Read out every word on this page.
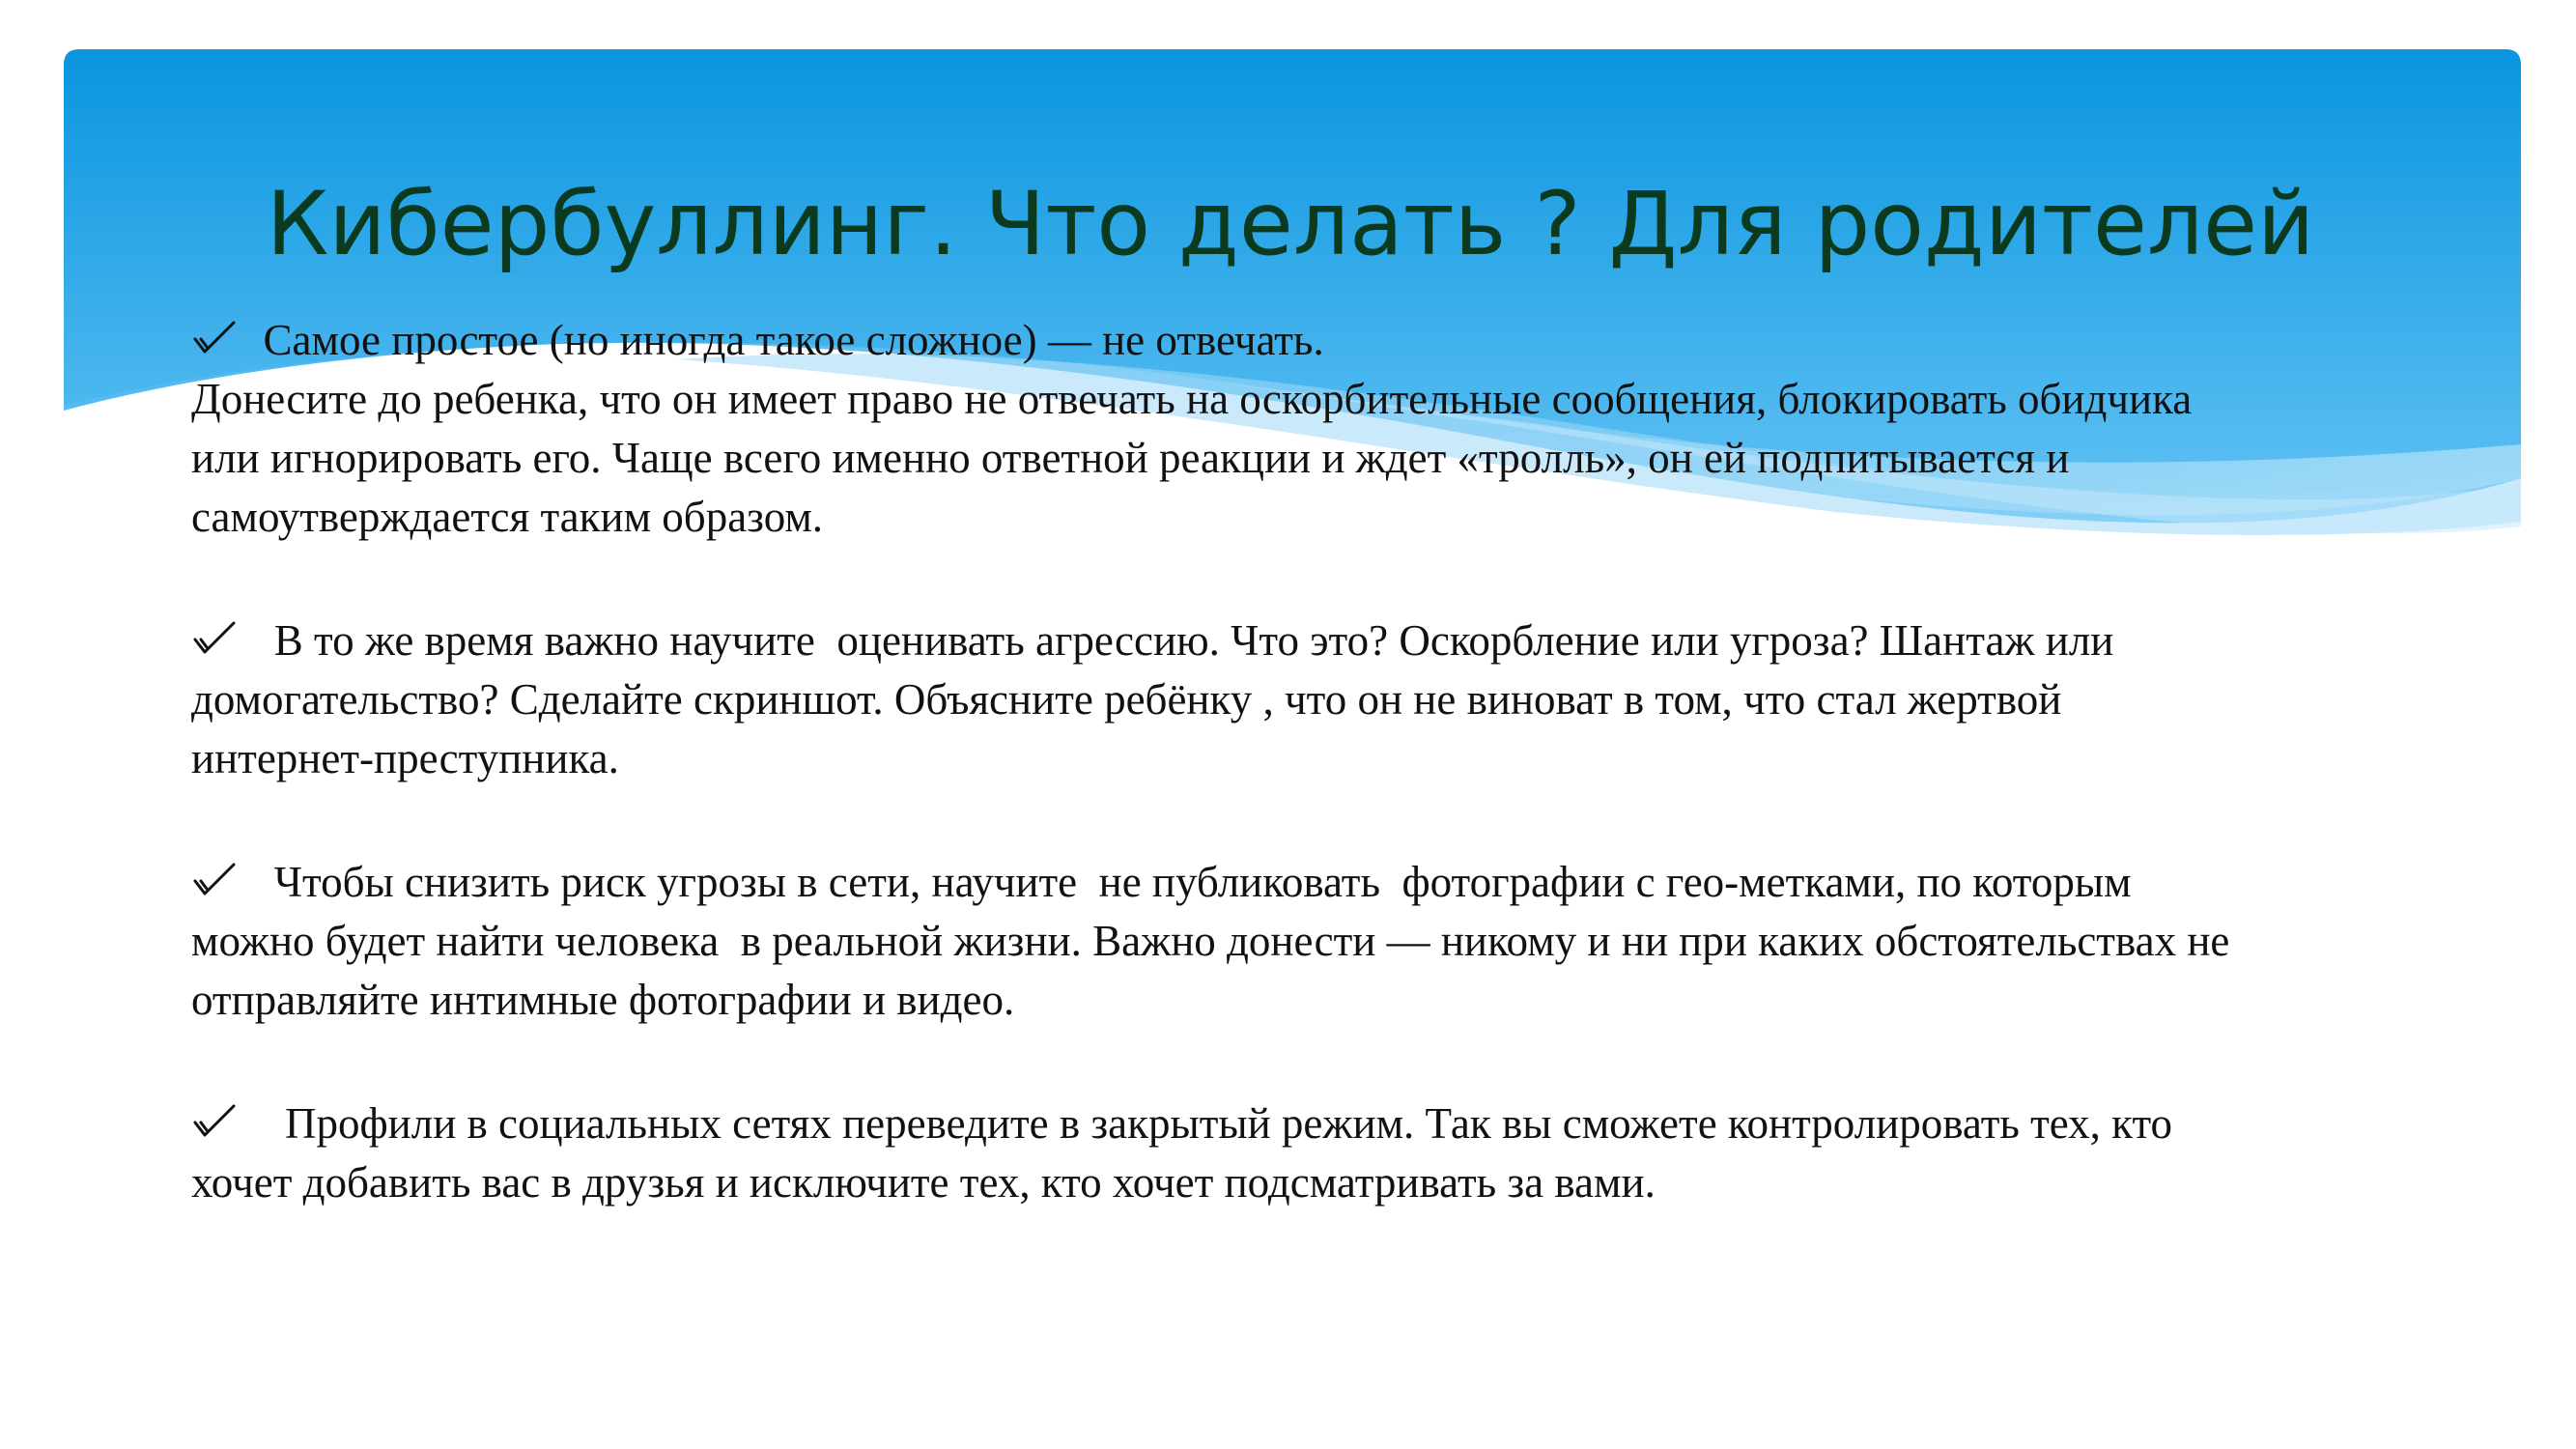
Кибербуллинг. Что делать ? Для родителей
Самое простое (но иногда такое сложное) — не отвечать.
Донесите до ребенка, что он имеет право не отвечать на оскорбительные сообщения, блокировать обидчика
или игнорировать его. Чаще всего именно ответной реакции и ждет «тролль», он ей подпитывается и
самоутверждается таким образом.
В то же время важно научите  оценивать агрессию. Что это? Оскорбление или угроза? Шантаж или
домогательство? Сделайте скриншот. Объясните ребёнку , что он не виноват в том, что стал жертвой
интернет-преступника.
Чтобы снизить риск угрозы в сети, научите  не публиковать  фотографии с гео-метками, по которым
можно будет найти человека  в реальной жизни. Важно донести — никому и ни при каких обстоятельствах не
отправляйте интимные фотографии и видео.
Профили в социальных сетях переведите в закрытый режим. Так вы сможете контролировать тех, кто
хочет добавить вас в друзья и исключите тех, кто хочет подсматривать за вами.
